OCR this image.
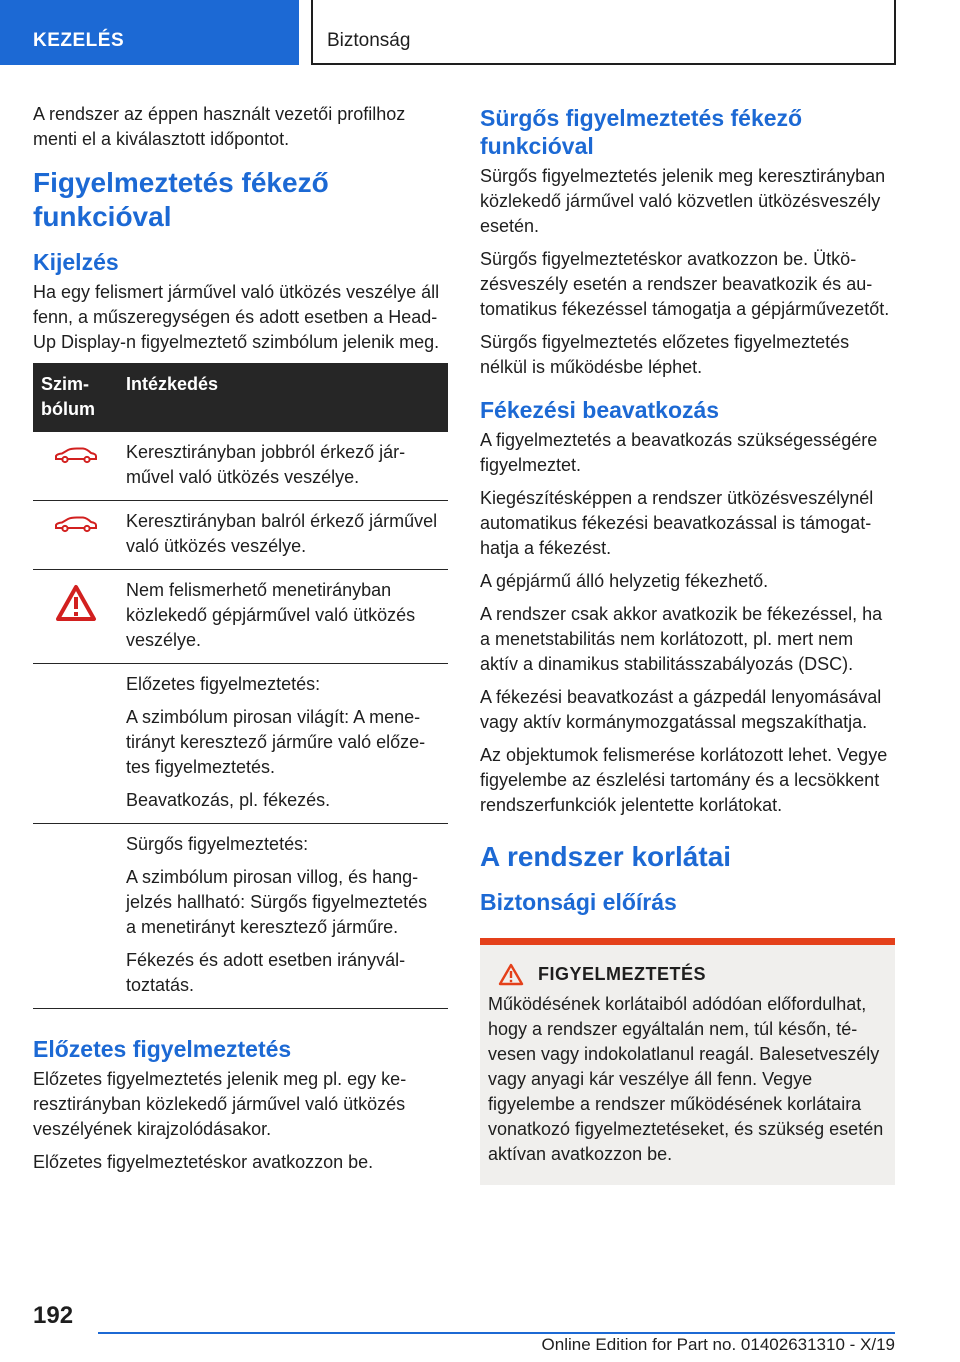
KEZELÉS	Biztonság

A rendszer az éppen használt vezetői profilhoz menti el a kiválasztott időpontot.

Figyelmeztetés fékező funkcióval
Kijelzés

Ha egy felismert járművel való ütközés veszélye áll fenn, a műszeregységen és adott esetben a Head-Up Display-n figyelmeztető szimbólum jelenik meg.

Szimbólum	Intézkedés

Keresztirányban jobbról érkező járművel való ütközés veszélye.

Keresztirányban balról érkező járművel való ütközés veszélye.

Nem felismerhető menetirányban közlekedő gépjárművel való ütközés veszélye.

	Előzetes figyelmeztetés:

A szimbólum pirosan világít: A menetirányt keresztező járműre való előzetes figyelmeztetés.

Beavatkozás, pl. fékezés.

	Sürgős figyelmeztetés:

A szimbólum pirosan villog, és hangjelzés hallható: Sürgős figyelmeztetés a menetirányt keresztező járműre.

Fékezés és adott esetben irányváltoztatás.

Előzetes figyelmeztetés

Előzetes figyelmeztetés jelenik meg pl. egy keresztirányban közlekedő járművel való ütközés veszélyének kirajzolódásakor.

Előzetes figyelmeztetéskor avatkozzon be.

Sürgős figyelmeztetés fékező funkcióval

Sürgős figyelmeztetés jelenik meg keresztirányban közlekedő járművel való közvetlen ütközésveszély esetén.

Sürgős figyelmeztetéskor avatkozzon be. Ütközésveszély esetén a rendszer beavatkozik és automatikus fékezéssel támogatja a gépjárművezetőt.

Sürgős figyelmeztetés előzetes figyelmeztetés nélkül is működésbe léphet.

Fékezési beavatkozás

A figyelmeztetés a beavatkozás szükségességére figyelmeztet.

Kiegészítésképpen a rendszer ütközésveszélynél automatikus fékezési beavatkozással is támogathatja a fékezést.

A gépjármű álló helyzetig fékezhető.

A rendszer csak akkor avatkozik be fékezéssel, ha a menetstabilitás nem korlátozott, pl. mert nem aktív a dinamikus stabilitásszabályozás (DSC).

A fékezési beavatkozást a gázpedál lenyomásával vagy aktív kormánymozgatással megszakíthatja.

Az objektumok felismerése korlátozott lehet. Vegye figyelembe az észlelési tartomány és a lecsökkent rendszerfunkciók jelentette korlátokat.

A rendszer korlátai
Biztonsági előírás
FIGYELMEZTETÉS

Működésének korlátaiból adódóan előfordulhat, hogy a rendszer egyáltalán nem, túl későn, tévesen vagy indokolatlanul reagál. Balesetveszély vagy anyagi kár veszélye áll fenn. Vegye figyelembe a rendszer működésének korlátaira vonatkozó figyelmeztetéseket, és szükség esetén aktívan avatkozzon be.

192
Online Edition for Part no. 01402631310 - X/19
